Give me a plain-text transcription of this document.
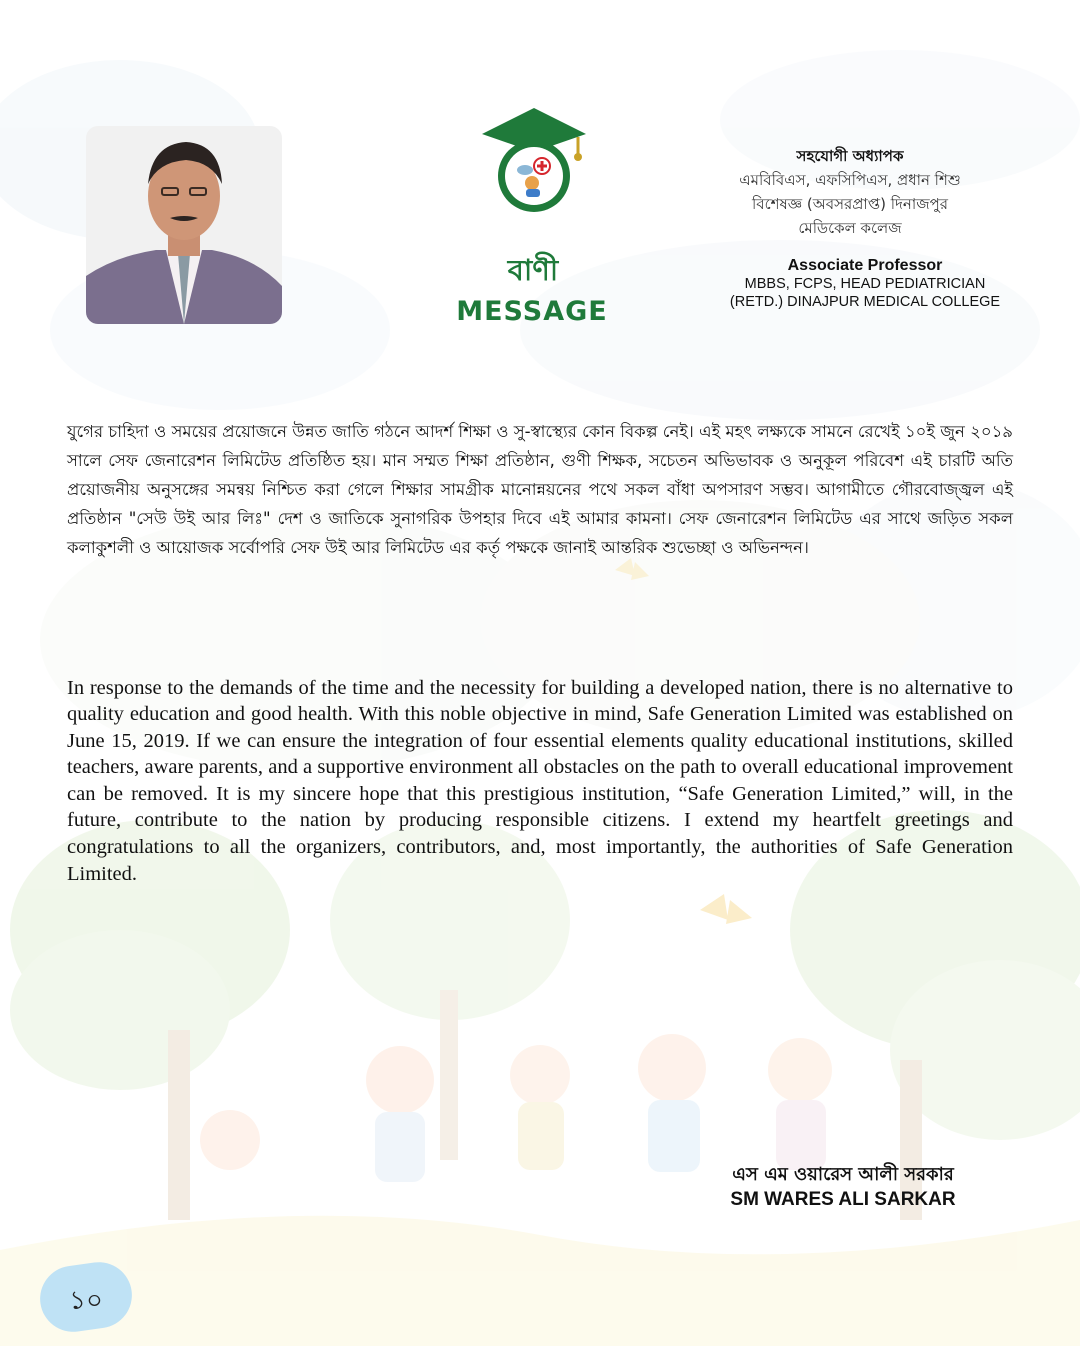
বাণী
MESSAGE
সহযোগী অধ্যাপক
এমবিবিএস, এফসিপিএস, প্রধান শিশু
বিশেষজ্ঞ (অবসরপ্রাপ্ত) দিনাজপুর
মেডিকেল কলেজ
Associate Professor
MBBS, FCPS, HEAD PEDIATRICIAN
(RETD.) DINAJPUR MEDICAL COLLEGE

যুগের চাহিদা ও সময়ের প্রয়োজনে উন্নত জাতি গঠনে আদর্শ শিক্ষা ও সু-স্বাস্থ্যের কোন বিকল্প নেই। এই মহৎ লক্ষ্যকে সামনে রেখেই ১০ই জুন ২০১৯ সালে সেফ জেনারেশন লিমিটেড প্রতিষ্ঠিত হয়। মান সম্মত শিক্ষা প্রতিষ্ঠান, গুণী শিক্ষক, সচেতন অভিভাবক ও অনুকূল পরিবেশ এই চারটি অতি প্রয়োজনীয় অনুসঙ্গের সমন্বয় নিশ্চিত করা গেলে শিক্ষার সামগ্রীক মানোন্নয়নের পথে সকল বাঁধা অপসারণ সম্ভব। আগামীতে গৌরবোজ্জ্বল এই প্রতিষ্ঠান "সেউ উই আর লিঃ" দেশ ও জাতিকে সুনাগরিক উপহার দিবে এই আমার কামনা। সেফ জেনারেশন লিমিটেড এর সাথে জড়িত সকল কলাকুশলী ও আয়োজক সর্বোপরি সেফ উই আর লিমিটেড এর কর্তৃ পক্ষকে জানাই আন্তরিক শুভেচ্ছা ও অভিনন্দন।

In response to the demands of the time and the necessity for building a developed nation, there is no alternative to quality education and good health. With this noble objective in mind, Safe Generation Limited was established on June 15, 2019. If we can ensure the integration of four essential elements quality educational institutions, skilled teachers, aware parents, and a supportive environment all obstacles on the path to overall educational improvement can be removed. It is my sincere hope that this prestigious institution, “Safe Generation Limited,” will, in the future, contribute to the nation by producing responsible citizens. I extend my heartfelt greetings and congratulations to all the organizers, contributors, and, most importantly, the authorities of Safe Generation Limited.

এস এম ওয়ারেস আলী সরকার
SM WARES ALI SARKAR
১০
